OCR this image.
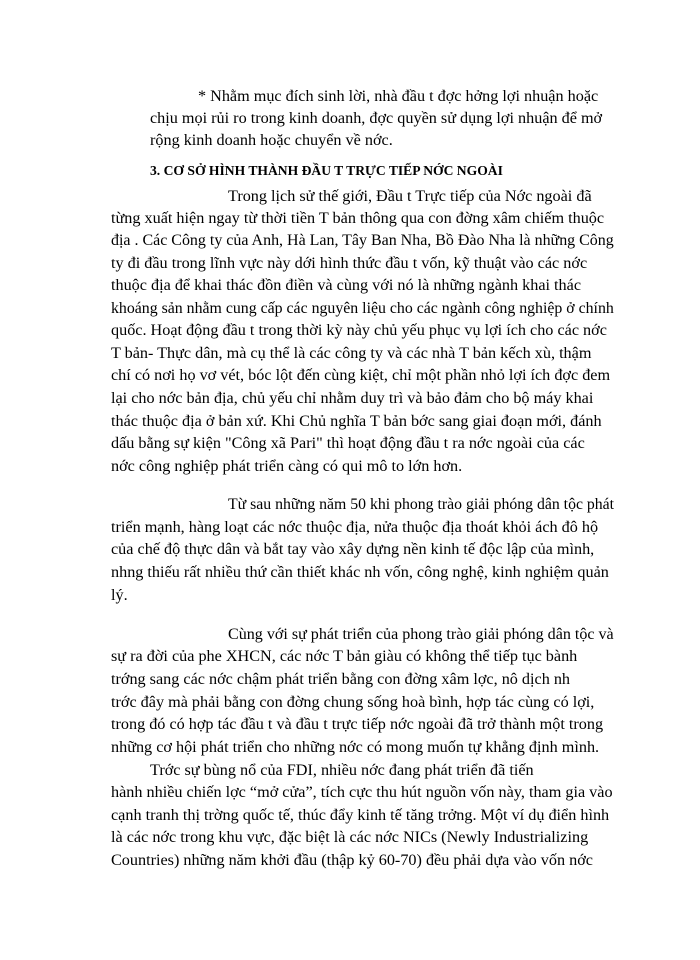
* Nhằm mục đích sinh lời, nhà đầu t đợc hởng lợi nhuận hoặc
chịu mọi rủi ro trong kinh doanh, đợc quyền sử dụng lợi nhuận để mở
rộng kinh doanh hoặc chuyển về nớc.
3. CƠ SỞ HÌNH THÀNH ĐẦU T TRỰC TIẾP NỚC NGOÀI
Trong lịch sử thế giới, Đầu t Trực tiếp của Nớc ngoài đã
từng xuất hiện ngay từ thời tiền T bản thông qua con đờng xâm chiếm thuộc
địa . Các Công ty của Anh, Hà Lan, Tây Ban Nha, Bồ Đào Nha là những Công
ty đi đầu trong lĩnh vực này dới hình thức đầu t vốn, kỹ thuật vào các nớc
thuộc địa để khai thác đồn điền và cùng với nó là những ngành khai thác
khoáng sản nhằm cung cấp các nguyên liệu cho các ngành công nghiệp ở chính
quốc. Hoạt động đầu t trong thời kỳ này chủ yếu phục vụ lợi ích cho các nớc
T bản- Thực dân, mà cụ thể là các công ty và các nhà T bản kếch xù, thậm
chí có nơi họ vơ vét, bóc lột đến cùng kiệt, chỉ một phần nhỏ lợi ích đợc đem
lại cho nớc bản địa, chủ yếu chỉ nhằm duy trì và bảo đảm cho bộ máy khai
thác thuộc địa ở bản xứ. Khi Chủ nghĩa T bản bớc sang giai đoạn mới, đánh
dấu bằng sự kiện "Công xã Pari" thì hoạt động đầu t ra nớc ngoài của các
nớc công nghiệp phát triển càng có qui mô to lớn hơn.
Từ sau những năm 50 khi phong trào giải phóng dân tộc phát
triển mạnh, hàng loạt các nớc thuộc địa, nửa thuộc địa thoát khỏi ách đô hộ
của chế độ thực dân và bắt tay vào xây dựng nền kinh tế độc lập của mình,
nhng thiếu rất nhiều thứ cần thiết khác nh vốn, công nghệ, kinh nghiệm quản
lý.
Cùng với sự phát triển của phong trào giải phóng dân tộc và
sự ra đời của phe XHCN, các nớc T bản giàu có không thể tiếp tục bành
trớng sang các nớc chậm phát triển bằng con đờng xâm lợc, nô dịch nh
trớc đây mà phải bằng con đờng chung sống hoà bình, hợp tác cùng có lợi,
trong đó có hợp tác đầu t và đầu t trực tiếp nớc ngoài đã trở thành một trong
những cơ hội phát triển cho những nớc có mong muốn tự khẳng định mình.
Trớc sự bùng nổ của FDI, nhiều nớc đang phát triển đã tiến
hành nhiều chiến lợc “mở cửa”, tích cực thu hút nguồn vốn này, tham gia vào
cạnh tranh thị trờng quốc tế, thúc đẩy kinh tế tăng trởng. Một ví dụ điển hình
là các nớc trong khu vực, đặc biệt là các nớc NICs (Newly Industrializing
Countries) những năm khởi đầu (thập kỷ 60-70) đều phải dựa vào vốn nớc
